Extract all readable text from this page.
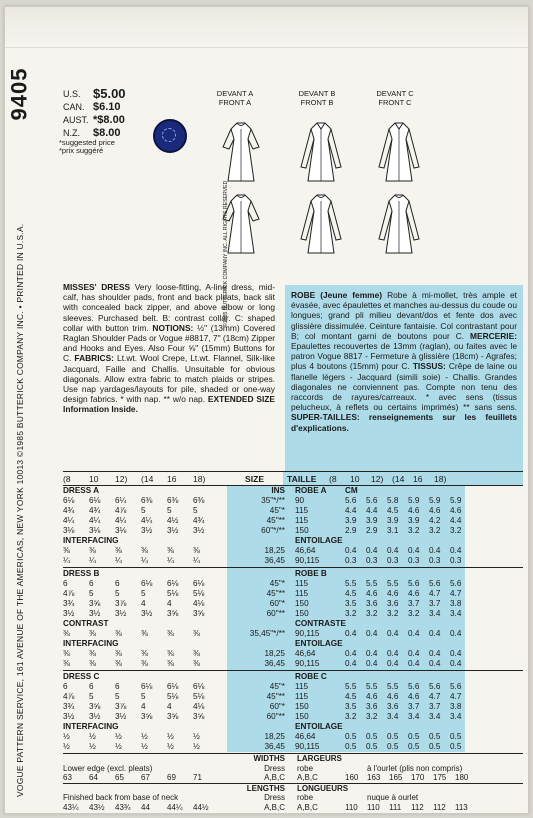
9405
VOGUE PATTERN SERVICE, 161 AVENUE OF THE AMERICAS, NEW YORK 10013 ©1985 BUTTERICK COMPANY INC. • PRINTED IN U.S.A.	©1985 BUTTERICK COMPANY INC. ALL RIGHTS RESERVED
U.S. $5.00
CAN. $6.10
AUST. *$8.00
N.Z.	$8.00
*suggested price
*prix suggéré
DEVANT A
FRONT A
DEVANT B
FRONT B
DEVANT C
FRONT C
MISSES' DRESS Very loose-fitting, A-line dress, mid-calf, has shoulder pads, front and back pleats, back slit with concealed back zipper, and above elbow or long sleeves. Purchased belt. B: contrast collar. C: shaped collar with button trim. NOTIONS: ½" (13mm) Covered Raglan Shoulder Pads or Vogue #8817, 7" (18cm) Zipper and Hooks and Eyes. Also Four ⅝" (15mm) Buttons for C. FABRICS: Lt.wt. Wool Crepe, Lt.wt. Flannel, Silk-like Jacquard, Faille and Challis. Unsuitable for obvious diagonals. Allow extra fabric to match plaids or stripes. Use nap yardages/layouts for pile, shaded or one-way design fabrics. * with nap. ** w/o nap. EXTENDED SIZE Information Inside.
ROBE (Jeune femme) Robe à mi-mollet, très ample et évasée, avec épaulettes et manches au-dessus du coude ou longues; grand pli milieu devant/dos et fente dos avec glissière dissimulée. Ceinture fantaisie. Col contrastant pour B; col montant garni de boutons pour C. MERCERIE: Epaulettes recouvertes de 13mm (raglan), ou faites avec le patron Vogue 8817 - Fermeture à glissière (18cm) - Agrafes; plus 4 boutons (15mm) pour C. TISSUS: Crêpe de laine ou flanelle légers - Jacquard (simili soie) - Challis. Grandes diagonales ne conviennent pas. Compte non tenu des raccords de rayures/carreaux. * avec sens (tissus pelucheux, à reflets ou certains imprimés) ** sans sens. SUPER-TAILLES: renseignements sur les feuillets d'explications.
(8	10	12)	(14	16	18)	SIZE	TAILLE	(8	10	12) (14 16	18)
DRESS A	INS	ROBE A CM
6⅛	6⅛	6¼	6⅜	6⅜	6⅜	35"*/** 90	5.6	5.6	5.8	5.9	5.9	5.9
4¾	4¾	4⅞	5	5	5	45"* 115	4.4	4.4	4.5	4.6	4.6	4.6
4¼	4¼	4¼	4¼	4½	4¾	45"** 115	3.9	3.9	3.9	3.9	4.2	4.4
3⅛	3⅛	3⅛	3½	3½	3½	60"*/** 150	2.9	2.9	3.1	3.2	3.2	3.2
INTERFACING	ENTOILAGE
⅜	⅜	⅜	⅜	⅜	⅜	18,25 46,64	0.4	0.4	0.4	0.4	0.4	0.4
¼	¼	¼	¼	¼	¼	36,45 90,115	0.3	0.3	0.3	0.3	0.3	0.3
DRESS B	ROBE B
6	6	6	6⅛	6⅛	6⅛	45"* 115	5.5	5.5	5.5	5.6	5.6	5.6
4⅞	5	5	5	5⅛	5⅛	45"** 115	4.5	4.6	4.6	4.6	4.7	4.7
3¾	3⅝	3⅞	4	4	4⅛	60"* 150	3.5	3.6	3.6	3.7	3.7	3.8
3½	3½	3½	3½	3⅝	3⅝	60"** 150	3.2	3.2	3.2	3.2	3.4	3.4
CONTRAST	CONTRASTE
⅜	⅜	⅜	⅜	⅜	⅜	35,45"*/** 90,115	0.4	0.4	0.4	0.4	0.4	0.4
INTERFACING	ENTOILAGE
⅜	⅜	⅜	⅜	⅜	⅜	18,25 46,64	0.4	0.4	0.4	0.4	0.4	0.4
⅜	⅜	⅜	⅜	⅜	⅜	36,45 90,115	0.4	0.4	0.4	0.4	0.4	0.4
DRESS C	ROBE C
6	6	6	6⅛	6⅛	6⅛	45"* 115	5.5	5.5	5.5	5.6	5.6	5.6
4⅞	5	5	5	5⅛	5⅛	45"** 115	4.5	4.6	4.6	4.6	4.7	4.7
3¾	3⅝	3⅞	4	4	4⅛	60"* 150	3.5	3.6	3.6	3.7	3.7	3.8
3½	3½	3½	3⅝	3⅝	3⅝	60"** 150	3.2	3.2	3.4	3.4	3.4	3.4
INTERFACING	ENTOILAGE
½	½	½	½	½	½	18,25 46,64	0.5	0.5	0.5	0.5	0.5	0.5
½	½	½	½	½	½	36,45 90,115	0.5	0.5	0.5	0.5	0.5	0.5
WIDTHS	LARGEURS
Lower edge (excl. pleats)	Dress	robe	à l'ourlet (plis non compris)
63	64	65	67	69	71	A,B,C	A,B,C	160	163	165	170	175	180
LENGTHS	LONGUEURS
Finished back from base of neck	Dress	robe	nuque à ourlet
43¼	43½	43¾	44	44¼	44½	A,B,C	A,B,C	110	110	111	112	112	113
